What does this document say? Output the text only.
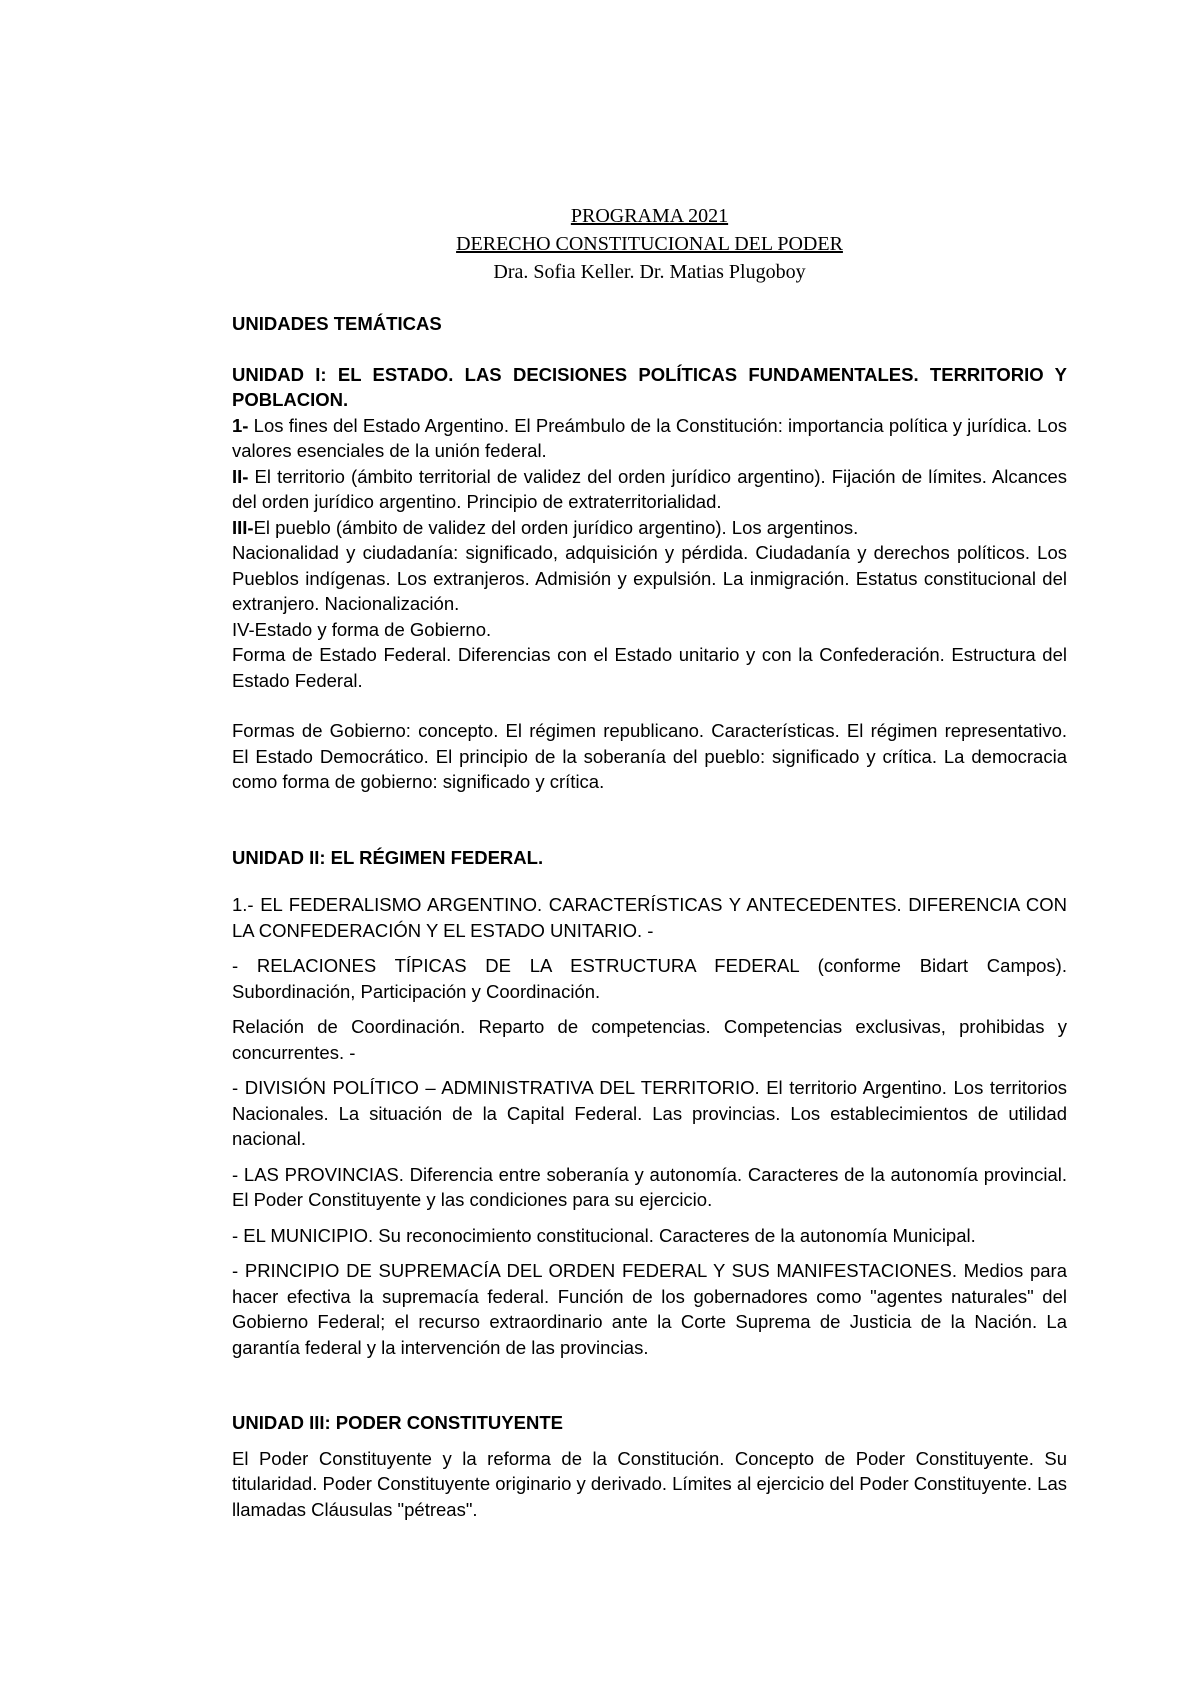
PROGRAMA 2021
DERECHO CONSTITUCIONAL DEL PODER
Dra. Sofia Keller. Dr. Matias Plugoboy

UNIDADES TEMÁTICAS

UNIDAD I: EL ESTADO. LAS DECISIONES POLÍTICAS FUNDAMENTALES. TERRITORIO Y POBLACION.

1- Los fines del Estado Argentino. El Preámbulo de la Constitución: importancia política y jurídica. Los valores esenciales de la unión federal.

II- El territorio (ámbito territorial de validez del orden jurídico argentino). Fijación de límites. Alcances del orden jurídico argentino. Principio de extraterritorialidad.

III-El pueblo (ámbito de validez del orden jurídico argentino). Los argentinos.

Nacionalidad y ciudadanía: significado, adquisición y pérdida. Ciudadanía y derechos políticos. Los Pueblos indígenas. Los extranjeros. Admisión y expulsión. La inmigración. Estatus constitucional del extranjero. Nacionalización.

IV-Estado y forma de Gobierno.

Forma de Estado Federal. Diferencias con el Estado unitario y con la Confederación. Estructura del Estado Federal.

Formas de Gobierno: concepto. El régimen republicano. Características. El régimen representativo. El Estado Democrático. El principio de la soberanía del pueblo: significado y crítica. La democracia como forma de gobierno: significado y crítica.

UNIDAD II: EL RÉGIMEN FEDERAL.

1.- EL FEDERALISMO ARGENTINO. CARACTERÍSTICAS Y ANTECEDENTES. DIFERENCIA CON LA CONFEDERACIÓN Y EL ESTADO UNITARIO. -

- RELACIONES TÍPICAS DE LA ESTRUCTURA FEDERAL (conforme Bidart Campos). Subordinación, Participación y Coordinación.

Relación de Coordinación. Reparto de competencias. Competencias exclusivas, prohibidas y concurrentes. -

- DIVISIÓN POLÍTICO – ADMINISTRATIVA DEL TERRITORIO. El territorio Argentino. Los territorios Nacionales. La situación de la Capital Federal. Las provincias. Los establecimientos de utilidad nacional.

- LAS PROVINCIAS. Diferencia entre soberanía y autonomía. Caracteres de la autonomía provincial. El Poder Constituyente y las condiciones para su ejercicio.

- EL MUNICIPIO. Su reconocimiento constitucional. Caracteres de la autonomía Municipal.

- PRINCIPIO DE SUPREMACÍA DEL ORDEN FEDERAL Y SUS MANIFESTACIONES. Medios para hacer efectiva la supremacía federal. Función de los gobernadores como "agentes naturales" del Gobierno Federal; el recurso extraordinario ante la Corte Suprema de Justicia de la Nación. La garantía federal y la intervención de las provincias.

UNIDAD III: PODER CONSTITUYENTE

El Poder Constituyente y la reforma de la Constitución. Concepto de Poder Constituyente. Su titularidad. Poder Constituyente originario y derivado. Límites al ejercicio del Poder Constituyente. Las llamadas Cláusulas "pétreas".
